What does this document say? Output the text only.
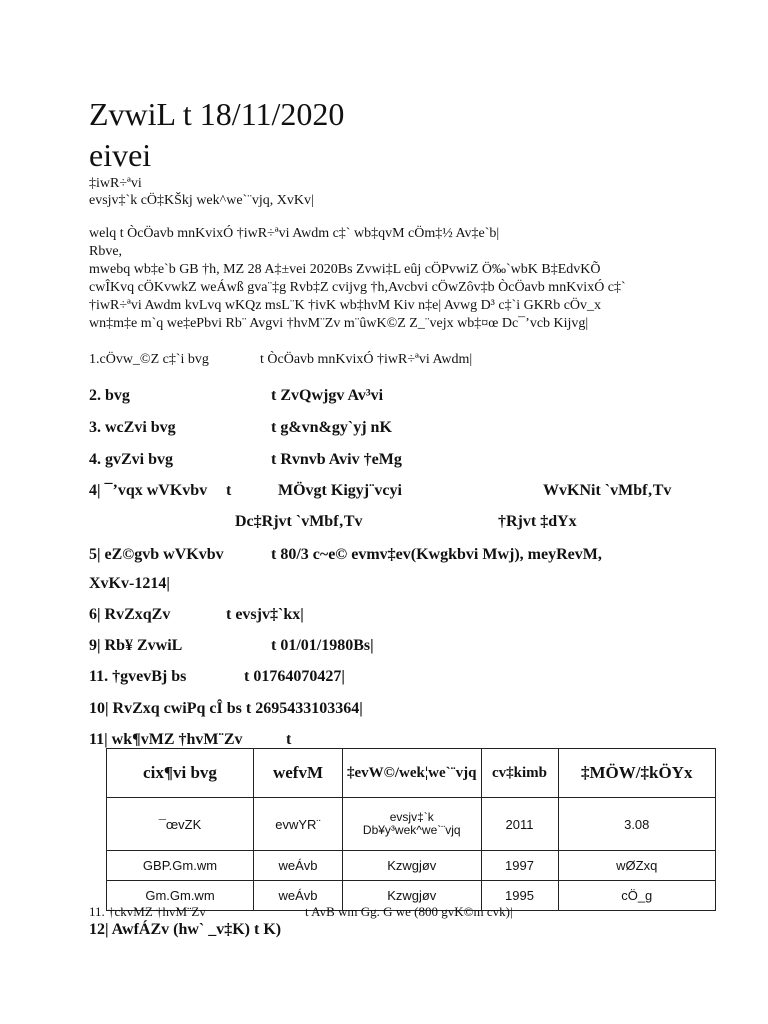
ZvwiL t 18/11/2020
eivei
‡iwR÷ªvi
evsjv‡`k cÖ‡KŠkj wek^we`¨vjq, XvKv|
welq t ÒcÖavb mnKvixÓ †iwR÷ªvi Awdm c‡` wb‡qvM cÖm‡½ Av‡e`b|
Rbve,
mwebq wb‡e`b GB †h, MZ 28 A‡±vei 2020Bs Zvwi‡L eûj cÖPvwiZ Ö‰`wbK B‡EdvKÕ
cwÎKvq cÖKvwkZ weÁwß gva¨‡g Rvb‡Z cvijvg †h,Avcbvi cÖwZôv‡b ÒcÖavb mnKvixÓ c‡`
†iwR÷ªvi Awdm kvLvq wKQz msL¨K †ivK wb‡hvM Kiv n‡e| Avwg D³ c‡`i GKRb cÖv_x
wn‡m‡e m`q we‡ePbvi Rb¨ Avgvi †hvM¨Zv m¨ûwK©Z Z_¨vejx wb‡¤œ Dc¯’vcb Kijvg|
1.cÖvw_©Z c‡`i bvg	t ÒcÖavb mnKvixÓ †iwR÷ªvi Awdm|
2. bvg	t ZvQwjgv Av³vi
3. wcZvi bvg	t g&vn&gy`yj nK
4. gvZvi bvg	t Rvnvb Aviv †eMg
4| ¯’vqx wVKvbv t	MÖvgt Kigyj¨vcyi	WvKNit `vMbf‚Tv
Dc‡Rjvt `vMbf‚Tv	†Rjvt ‡dYx
5| eZ©gvb wVKvbv	t 80/3 c~e© evmv‡ev(Kwgkbvi Mwj), meyRevM,
XvKv-1214|
6| RvZxqZv	t evsjv‡`kx|
9| Rb¥ ZvwiL	t 01/01/1980Bs|
11. †gvevBj bs	t 01764070427|
10| RvZxq cwiPq cÎ bs t 2695433103364|
11| wk¶vMZ †hvM¨Zv	t
cix¶vi bvg	wefvM	‡evW©/wek¦we`¨vjq	cv‡kimb	‡MÖW/‡kÖYx
¯œvZK	evwYR¨	evsjv‡`k Db¥y³wek^we`¨vjq	2011	3.08
GBP.Gm.wm	weÁvb	Kzwgjøv	1997	wØZxq
Gm.Gm.wm	weÁvb	Kzwgjøv	1995	cÖ_g
11. †ckvMZ †hvM¨Zv	t AvB wm Gg. G we (800 gvK©m cvk)|
12| AwfÁZv (hw` _v‡K) t K)
